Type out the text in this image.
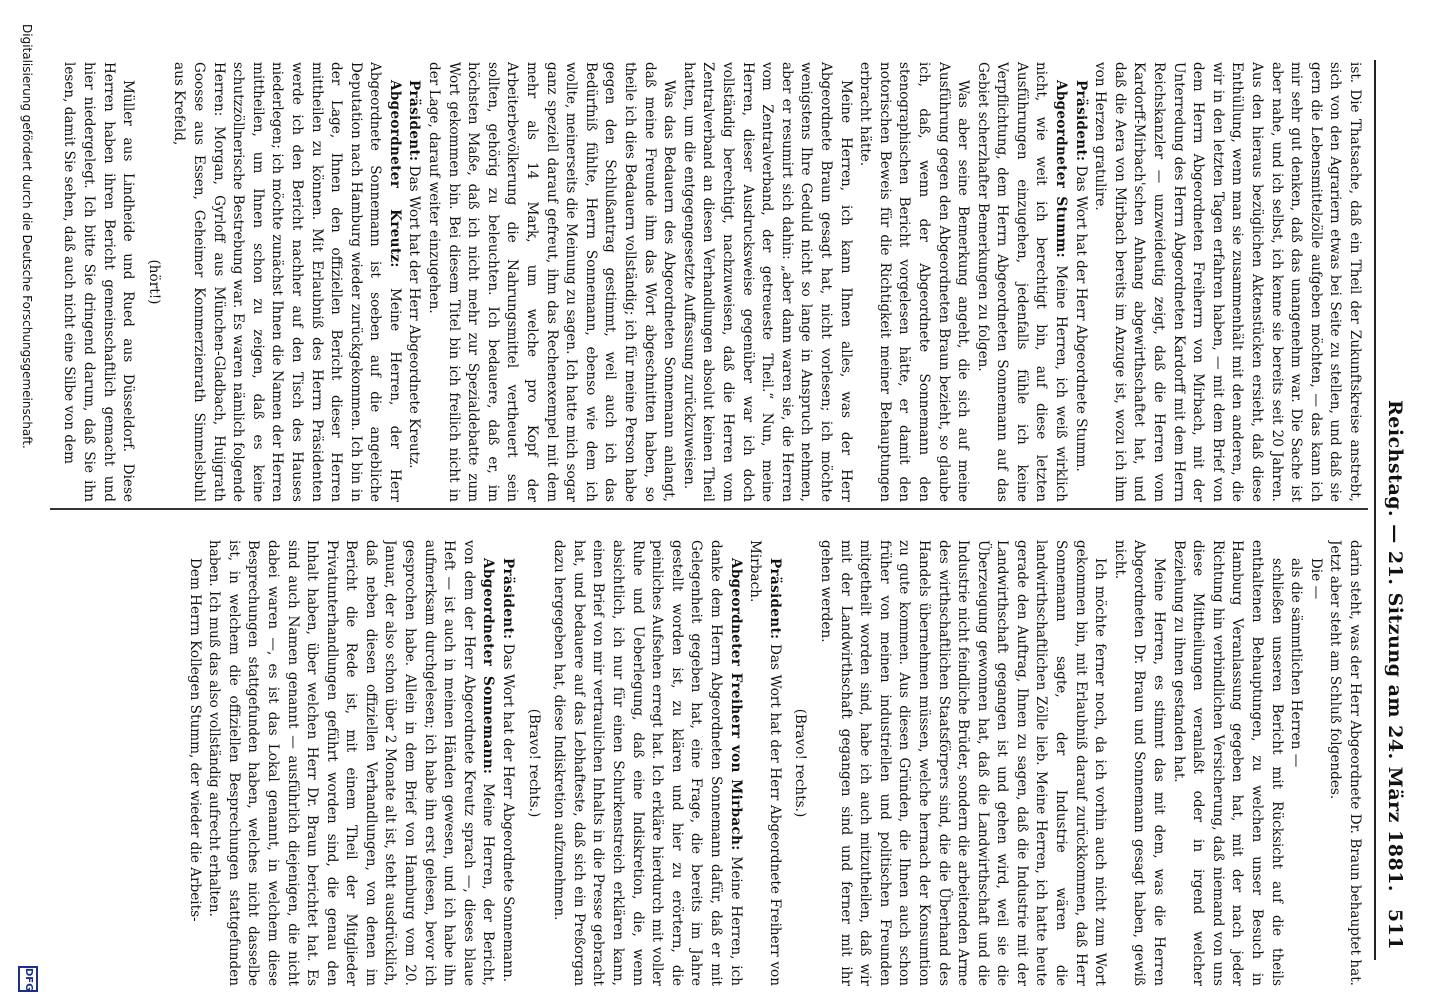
Reichstag. — 21. Sitzung am 24. März 1881.
511

ist. Die Thatsache, daß ein Theil der Zukunftskreise anstrebt, sich von den Agrariern etwas bei Seite zu stellen, und daß sie gern die Lebensmittelzölle aufgeben möchten, — das kann ich mir sehr gut denken, daß das unangenehm war. Die Sache ist aber nahe, und ich selbst, ich kenne sie bereits seit 20 Jahren. Aus den hieraus bezüglichen Aktenstücken ersieht, daß diese Enthüllung, wenn man sie zusammenhält mit den anderen, die wir in den letzten Tagen erfahren haben, — mit dem Brief von dem Herrn Abgeordneten Freiherrn von Mirbach, mit der Unterredung des Herrn Abgeordneten Kardorff mit dem Herrn Reichskanzler — unzweideutig zeigt, daß die Herren vom Kardorff-Mirbach'schen Anhang abgewirthschaftet hat, und daß die Aera von Mirbach bereits im Anzuge ist, wozu ich ihm von Herzen gratulire.

Präsident: Das Wort hat der Herr Abgeordnete Stumm.

Abgeordneter Stumm: Meine Herren, ich weiß wirklich nicht, wie weit ich berechtigt bin, auf diese letzten Ausführungen einzugehen, jedenfalls fühle ich keine Verpflichtung, dem Herrn Abgeordneten Sonnemann auf das Gebiet scherzhafter Bemerkungen zu folgen.

Was aber seine Bemerkung angeht, die sich auf meine Ausführung gegen den Abgeordneten Braun bezieht, so glaube ich, daß, wenn der Abgeordnete Sonnemann den stenographischen Bericht vorgelesen hätte, er damit den notorischen Beweis für die Richtigkeit meiner Behauptungen erbracht hätte.

Meine Herren, ich kann Ihnen alles, was der Herr Abgeordnete Braun gesagt hat, nicht vorlesen; ich möchte wenigstens Ihre Geduld nicht so lange in Anspruch nehmen, aber er resumirt sich dahin: „aber dann waren sie, die Herren vom Zentralverband, der getreueste Theil.“ Nun, meine Herren, dieser Ausdrucksweise gegenüber war ich doch vollständig berechtigt, nachzuweisen, daß die Herren vom Zentralverband an diesen Verhandlungen absolut keinen Theil hatten, um die entgegengesetzte Auffassung zurückzuweisen.

Was das Bedauern des Abgeordneten Sonnemann anlangt, daß meine Freunde ihm das Wort abgeschnitten haben, so theile ich dies Bedauern vollständig; ich für meine Person habe gegen den Schlußantrag gestimmt, weil auch ich das Bedürfniß fühlte, Herrn Sonnemann, ebenso wie dem ich wollte, meinerseits die Meinung zu sagen. Ich hatte mich sogar ganz speziell darauf gefreut, ihm das Rechenexempel mit dem mehr als 14 Mark, um welche pro Kopf der Arbeiterbevölkerung die Nahrungsmittel vertheuert sein sollten, gehörig zu beleuchten. Ich bedauere, daß er, im höchsten Maße, daß ich nicht mehr zur Spezialdebatte zum Wort gekommen bin. Bei diesem Titel bin ich freilich nicht in der Lage, darauf weiter einzugehen.

Präsident: Das Wort hat der Herr Abgeordnete Kreutz.

Abgeordneter Kreutz: Meine Herren, der Herr Abgeordnete Sonnemann ist soeben auf die angebliche Deputation nach Hamburg wieder zurückgekommen. Ich bin in der Lage, Ihnen den offiziellen Bericht dieser Herren mittheilen zu können. Mit Erlaubniß des Herrn Präsidenten werde ich den Bericht nachher auf den Tisch des Hauses niederlegen; ich möchte zunächst Ihnen die Namen der Herren mittheilen, um Ihnen schon zu zeigen, daß es keine schutzzöllnerische Bestrebung war. Es waren nämlich folgende Herren: Morgan, Gyrloff aus München-Gladbach, Huijgrath Goosse aus Essen, Geheimer Kommerzienrath Simmelsbuhl aus Krefeld,

(hört!)

Müller aus Lindheide und Rued aus Düsseldorf. Diese Herren haben ihren Bericht gemeinschaftlich gemacht und hier niedergelegt. Ich bitte Sie dringend darum, daß Sie ihn lesen, damit Sie sehen, daß auch nicht eine Silbe von dem

darin steht, was der Herr Abgeordnete Dr. Braun behauptet hat. Jetzt aber steht am Schluß folgendes.

Die —

als die sämmtlichen Herren —

schließen unseren Bericht mit Rücksicht auf die theils enthaltenen Behauptungen, zu welchen unser Besuch in Hamburg Veranlassung gegeben hat, mit der nach jeder Richtung hin verbindlichen Versicherung, daß niemand von uns diese Mittheilungen veranlaßt oder in irgend welcher Beziehung zu ihnen gestanden hat.

Meine Herren, es stimmt das mit dem, was die Herren Abgeordneten Dr. Braun und Sonnemann gesagt haben, gewiß nicht.

Ich möchte ferner noch, da ich vorhin auch nicht zum Wort gekommen bin, mit Erlaubniß darauf zurückkommen, daß Herr Sonnemann sagte, der Industrie wären die landwirthschaftlichen Zölle lieb. Meine Herren, ich hatte heute gerade den Auftrag, Ihnen zu sagen, daß die Industrie mit der Landwirthschaft gegangen ist und gehen wird, weil sie die Überzeugung gewonnen hat, daß die Landwirthschaft und die Industrie nicht feindliche Brüder, sondern die arbeitenden Arme des wirthschaftlichen Staatsförpers sind, die die Überhand des Handels übernehmen müssen, welche hernach der Konsumtion zu gute kommen. Aus diesen Gründen, die Ihnen auch schon früher von meinen industriellen und politischen Freunden mitgetheilt worden sind, habe ich auch mitzutheilen, daß wir mit der Landwirthschaft gegangen sind und ferner mit ihr gehen werden.

(Bravo! rechts.)

Präsident: Das Wort hat der Herr Abgeordnete Freiherr von Mirbach.

Abgeordneter Freiherr von Mirbach: Meine Herren, ich danke dem Herrn Abgeordneten Sonnemann dafür, daß er mit Gelegenheit gegeben hat, eine Frage, die bereits im Jahre gestellt worden ist, zu klären und hier zu erörtern, die peinliches Aufsehen erregt hat. Ich erkläre hierdurch mit voller Ruhe und Ueberlegung, daß eine Indiskretion, die, wenn absichtlich, ich nur für einen Schurkenstreich erklären kann, einen Brief von mir vertraulichen Inhalts in die Presse gebracht hat, und bedauere auf das Lebhafteste, daß sich ein Preßorgan dazu hergegeben hat, diese Indiskretion aufzunehmen.

(Bravo! rechts.)

Präsident: Das Wort hat der Herr Abgeordnete Sonnemann.

Abgeordneter Sonnemann: Meine Herren, der Bericht, von dem der Herr Abgeordnete Kreutz sprach —, dieses blaue Heft — ist auch in meinen Händen gewesen, und ich habe ihn aufmerksam durchgelesen; ich habe ihn erst gelesen, bevor ich gesprochen habe. Allein in dem Brief von Hamburg vom 20. Januar, der also schon über 2 Monate alt ist, steht ausdrücklich, daß neben diesen offiziellen Verhandlungen, von denen im Bericht die Rede ist, mit einem Theil der Mitglieder Privatunterhandlungen geführt worden sind, die genau den Inhalt haben, über welchen Herr Dr. Braun berichtet hat. Es sind auch Namen genannt — ausführlich diejenigen, die nicht dabei waren —, es ist das Lokal genannt, in welchem diese Besprechungen stattgefunden haben, welches nicht dasselbe ist, in welchem die offiziellen Besprechungen stattgefunden haben. Ich muß das also vollständig aufrecht erhalten.

Dem Herrn Kollegen Stumm, der wieder die Arbeits-

Digitalisierung gefördert durch die Deutsche Forschungsgemeinschaft.
DFG
